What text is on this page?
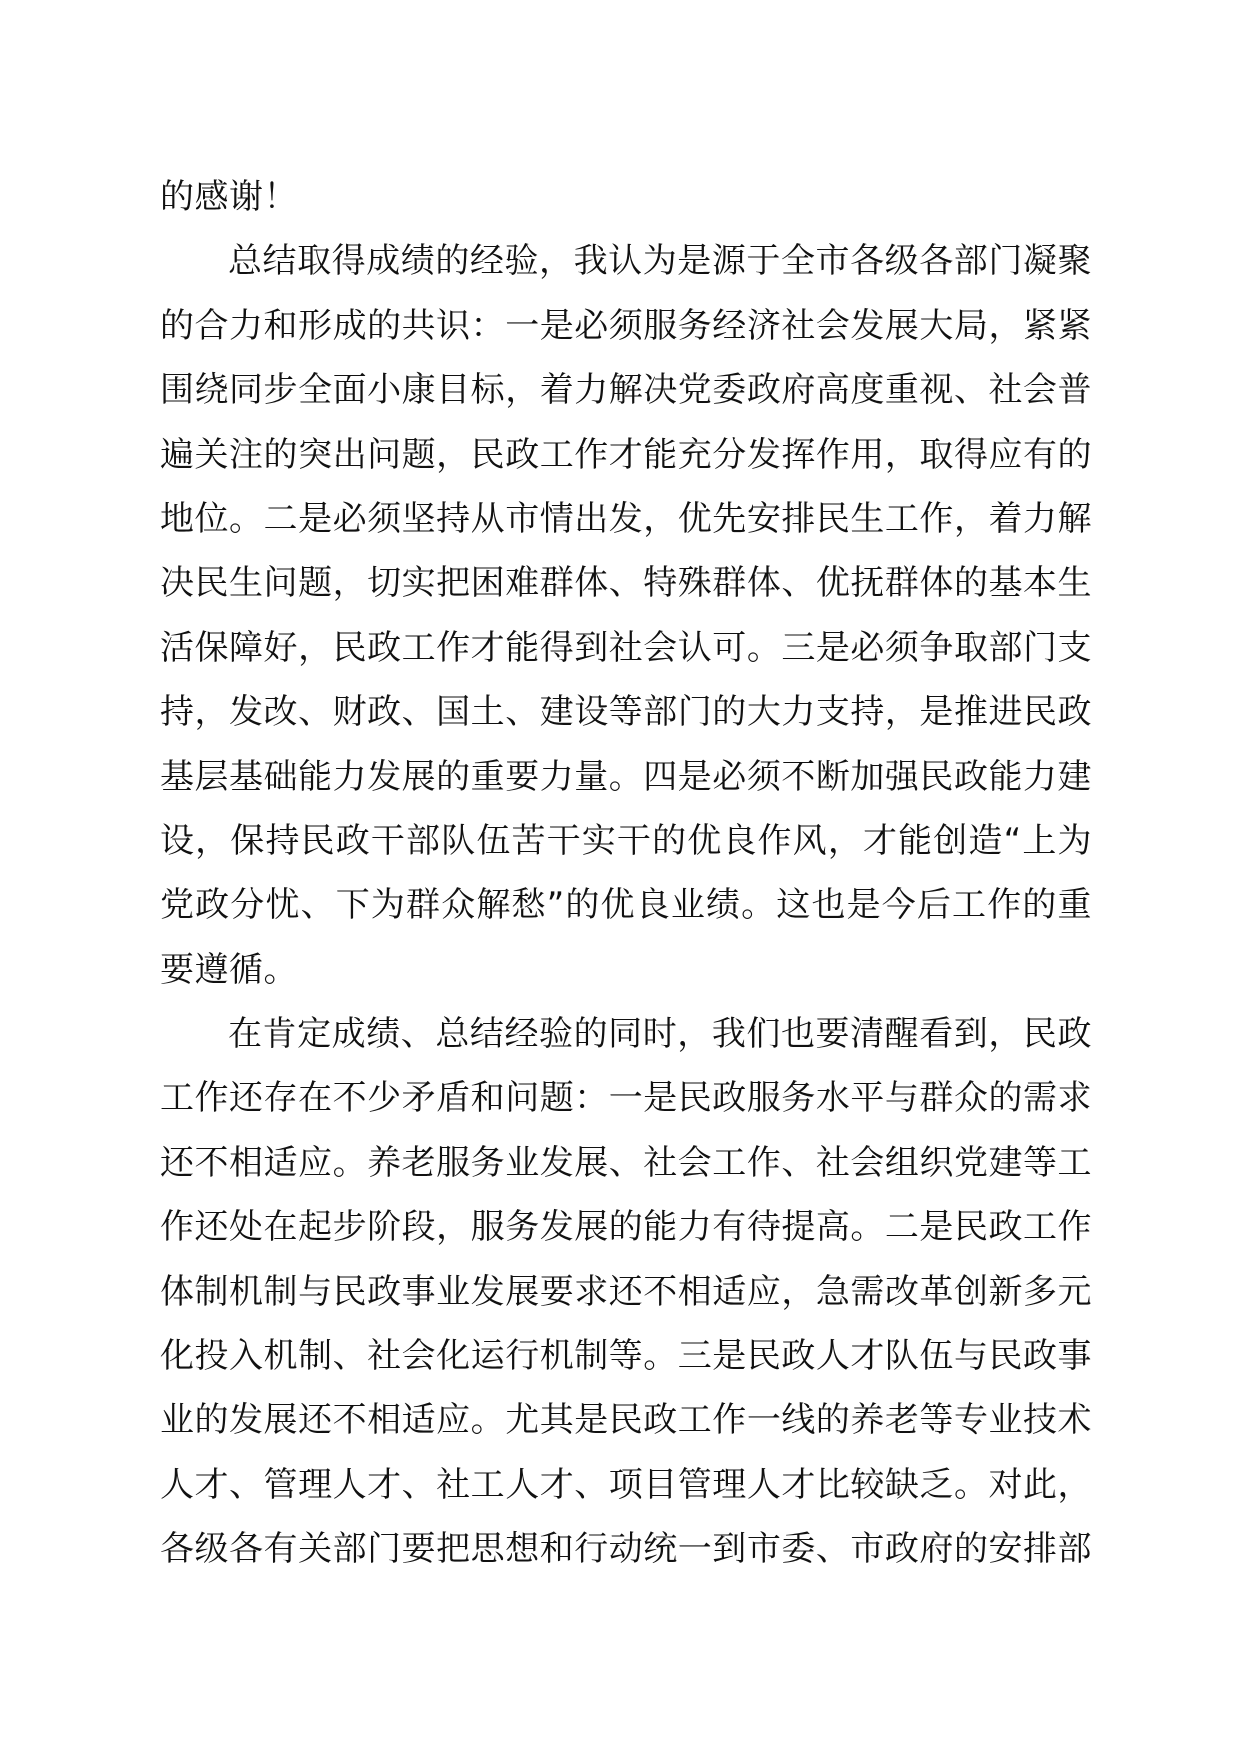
的感谢！
总结取得成绩的经验，我认为是源于全市各级各部门凝聚
的合力和形成的共识：一是必须服务经济社会发展大局，紧紧
围绕同步全面小康目标，着力解决党委政府高度重视、社会普
遍关注的突出问题，民政工作才能充分发挥作用，取得应有的
地位。二是必须坚持从市情出发，优先安排民生工作，着力解
决民生问题，切实把困难群体、特殊群体、优抚群体的基本生
活保障好，民政工作才能得到社会认可。三是必须争取部门支
持，发改、财政、国土、建设等部门的大力支持，是推进民政
基层基础能力发展的重要力量。四是必须不断加强民政能力建
设，保持民政干部队伍苦干实干的优良作风，才能创造“上为
党政分忧、下为群众解愁”的优良业绩。这也是今后工作的重
要遵循。
在肯定成绩、总结经验的同时，我们也要清醒看到，民政
工作还存在不少矛盾和问题：一是民政服务水平与群众的需求
还不相适应。养老服务业发展、社会工作、社会组织党建等工
作还处在起步阶段，服务发展的能力有待提高。二是民政工作
体制机制与民政事业发展要求还不相适应，急需改革创新多元
化投入机制、社会化运行机制等。三是民政人才队伍与民政事
业的发展还不相适应。尤其是民政工作一线的养老等专业技术
人才、管理人才、社工人才、项目管理人才比较缺乏。对此，
各级各有关部门要把思想和行动统一到市委、市政府的安排部
